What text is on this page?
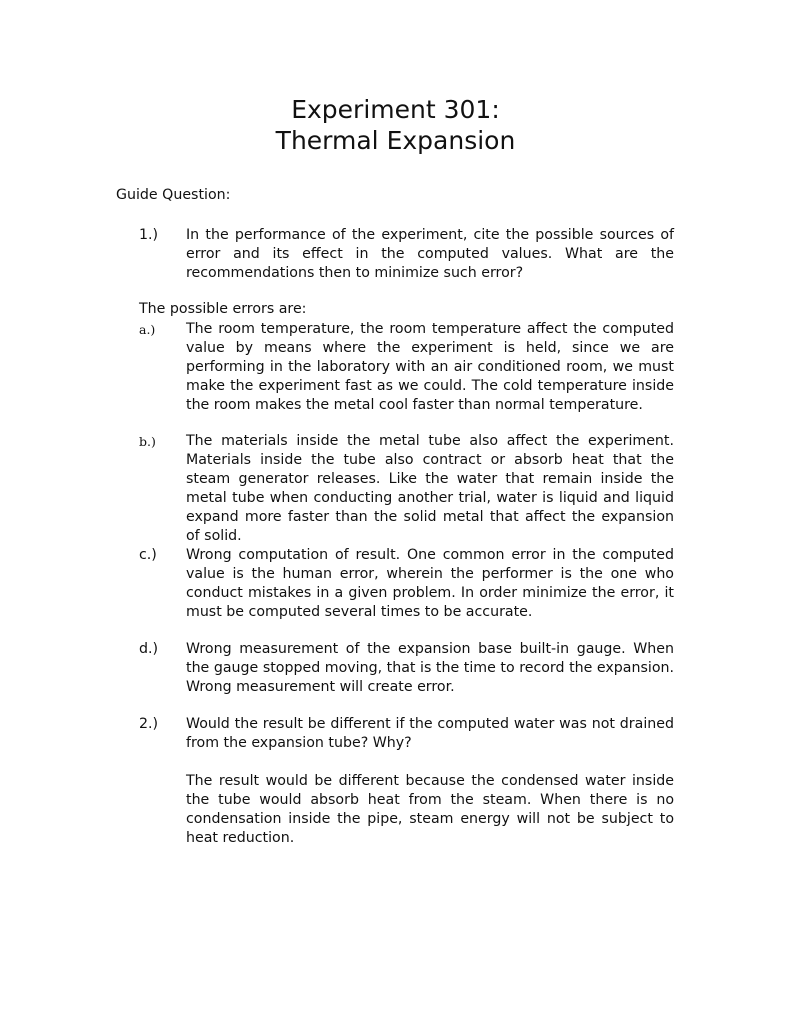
Experiment 301:
Thermal Expansion
Guide Question:
1.) In the performance of the experiment, cite the possible sources of error and its effect in the computed values. What are the recommendations then to minimize such error?
The possible errors are:
a.) The room temperature, the room temperature affect the computed value by means where the experiment is held, since we are performing in the laboratory with an air conditioned room, we must make the experiment fast as we could. The cold temperature inside the room makes the metal cool faster than normal temperature.
b.) The materials inside the metal tube also affect the experiment. Materials inside the tube also contract or absorb heat that the steam generator releases. Like the water that remain inside the metal tube when conducting another trial, water is liquid and liquid expand more faster than the solid metal that affect the expansion of solid.
c.) Wrong computation of result. One common error in the computed value is the human error, wherein the performer is the one who conduct mistakes in a given problem. In order minimize the error, it must be computed several times to be accurate.
d.) Wrong measurement of the expansion base built-in gauge. When the gauge stopped moving, that is the time to record the expansion. Wrong measurement will create error.
2.) Would the result be different if the computed water was not drained from the expansion tube? Why?
The result would be different because the condensed water inside the tube would absorb heat from the steam. When there is no condensation inside the pipe, steam energy will not be subject to heat reduction.
